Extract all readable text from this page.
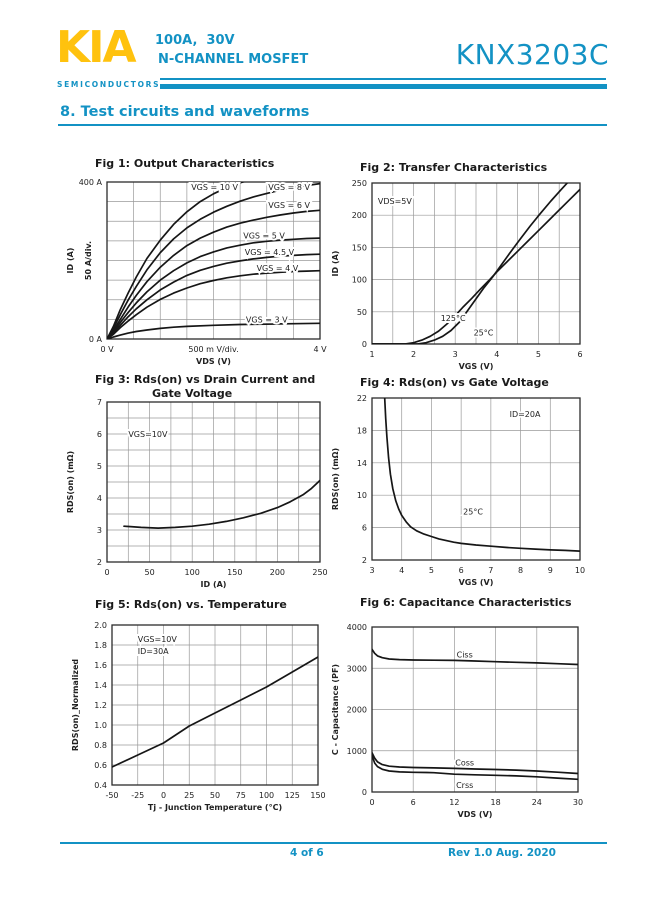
KIA
SEMICONDUCTORS
100A,  30V
N-CHANNEL MOSFET	KNX3203C
8. Test circuits and waveforms
Fig 1: Output Characteristics	Fig 2: Transfer Characteristics
Fig 3: Rds(on) vs Drain Current and
Gate Voltage
Fig 4: Rds(on) vs Gate Voltage
Fig 5: Rds(on) vs. Temperature	Fig 6: Capacitance Characteristics
0 V	500 m V/div.	4 V
400 A
0 A
VDS (V)
ID (A) 50 A/div.
VGS = 10 V	VGS = 8 V
VGS = 6 V
VGS = 5 V
VGS = 4.5 V
VGS = 4 V
VGS = 3 V
1	2	3	4	5	6
0
50
100
150
200
250
VGS (V)
ID (A)
VDS=5V
125°C
25°C
0	50	100	150	200	250
2
3
4
5
6
7
ID (A)
RDS(on) (mΩ)
VGS=10V
3	4	5	6	7	8	9	10
2
6
10
14
18
22
VGS (V)
RDS(on) (mΩ)
ID=20A
25°C
-50 -25 0 25 50 75 100 125 150
0.4
0.6
0.8
1.0
1.2
1.4
1.6
1.8
2.0
Tj - Junction Temperature (°C)
RDS(on)_Normalized
VGS=10V
ID=30A
0	6	12	18	24	30
0
1000
2000
3000
4000
VDS (V)
C - Capacitance (PF)
Ciss
Coss
Crss
4 of 6	Rev 1.0 Aug. 2020
